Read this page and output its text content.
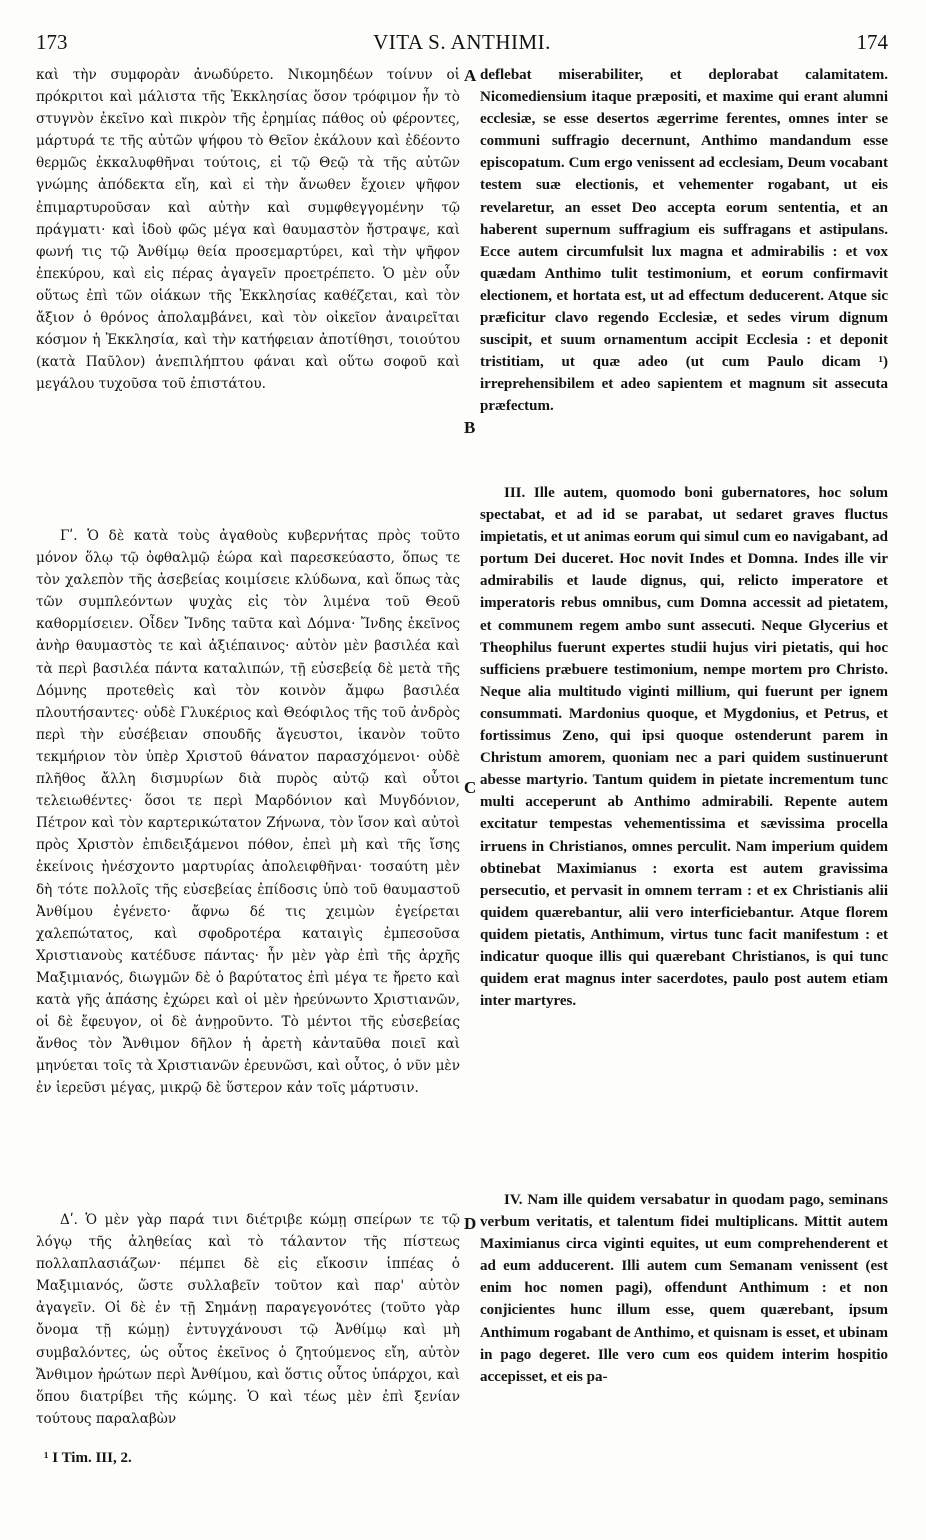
173	VITA S. ANTHIMI.	174

καὶ τὴν συμφορὰν ἀνωδύρετο. Νικομηδέων τοίνυν οἱ πρόκριτοι καὶ μάλιστα τῆς Ἐκκλησίας ὅσον τρόφιμον ἦν τὸ στυγνὸν ἐκεῖνο καὶ πικρὸν τῆς ἐρημίας πάθος οὐ φέροντες, μάρτυρά τε τῆς αὐτῶν ψήφου τὸ Θεῖον ἐκάλουν καὶ ἐδέοντο θερμῶς ἐκκαλυφθῆναι τούτοις, εἰ τῷ Θεῷ τὰ τῆς αὐτῶν γνώμης ἀπόδεκτα εἴη, καὶ εἰ τὴν ἄνωθεν ἔχοιεν ψῆφον ἐπιμαρτυροῦσαν καὶ αὐτὴν καὶ συμφθεγγομένην τῷ πράγματι· καὶ ἰδοὺ φῶς μέγα καὶ θαυμαστὸν ἤστραψε, καὶ φωνή τις τῷ Ἀνθίμῳ θεία προσεμαρτύρει, καὶ τὴν ψῆφον ἐπεκύρου, καὶ εἰς πέρας ἀγαγεῖν προετρέπετο. Ὁ μὲν οὖν οὕτως ἐπὶ τῶν οἰάκων τῆς Ἐκκλησίας καθέζεται, καὶ τὸν ἄξιον ὁ θρόνος ἀπολαμβάνει, καὶ τὸν οἰκεῖον ἀναιρεῖται κόσμον ἡ Ἐκκλησία, καὶ τὴν κατήφειαν ἀποτίθησι, τοιούτου (κατὰ Παῦλον) ἀνεπιλήπτου φάναι καὶ οὕτω σοφοῦ καὶ μεγάλου τυχοῦσα τοῦ ἐπιστάτου.

Γʹ. Ὁ δὲ κατὰ τοὺς ἀγαθοὺς κυβερνήτας πρὸς τοῦτο μόνον ὅλῳ τῷ ὀφθαλμῷ ἑώρα καὶ παρεσκεύαστο, ὅπως τε τὸν χαλεπὸν τῆς ἀσεβείας κοιμίσειε κλύδωνα, καὶ ὅπως τὰς τῶν συμπλεόντων ψυχὰς εἰς τὸν λιμένα τοῦ Θεοῦ καθορμίσειεν. Οἶδεν Ἴνδης ταῦτα καὶ Δόμνα· Ἴνδης ἐκεῖνος ἀνὴρ θαυμαστὸς τε καὶ ἀξιέπαινος· αὐτὸν μὲν βασιλέα καὶ τὰ περὶ βασιλέα πάντα καταλιπών, τῇ εὐσεβείᾳ δὲ μετὰ τῆς Δόμνης προτεθεὶς καὶ τὸν κοινὸν ἄμφω βασιλέα πλουτήσαντες· οὐδὲ Γλυκέριος καὶ Θεόφιλος τῆς τοῦ ἀνδρὸς περὶ τὴν εὐσέβειαν σπουδῆς ἄγευστοι, ἱκανὸν τοῦτο τεκμήριον τὸν ὑπὲρ Χριστοῦ θάνατον παρασχόμενοι· οὐδὲ πλῆθος ἄλλη δισμυρίων διὰ πυρὸς αὐτῷ καὶ οὗτοι τελειωθέντες· ὅσοι τε περὶ Μαρδόνιον καὶ Μυγδόνιον, Πέτρον καὶ τὸν καρτερικώτατον Ζήνωνα, τὸν ἴσον καὶ αὐτοὶ πρὸς Χριστὸν ἐπιδειξάμενοι πόθον, ἐπεὶ μὴ καὶ τῆς ἴσης ἐκείνοις ἠνέσχοντο μαρτυρίας ἀπολειφθῆναι· τοσαύτη μὲν δὴ τότε πολλοῖς τῆς εὐσεβείας ἐπίδοσις ὑπὸ τοῦ θαυμαστοῦ Ἀνθίμου ἐγένετο· ἄφνω δέ τις χειμὼν ἐγείρεται χαλεπώτατος, καὶ σφοδροτέρα καταιγὶς ἐμπεσοῦσα Χριστιανοὺς κατέδυσε πάντας· ἦν μὲν γὰρ ἐπὶ τῆς ἀρχῆς Μαξιμιανός, διωγμῶν δὲ ὁ βαρύτατος ἐπὶ μέγα τε ἤρετο καὶ κατὰ γῆς ἁπάσης ἐχώρει καὶ οἱ μὲν ἠρεύνωντο Χριστιανῶν, οἱ δὲ ἔφευγον, οἱ δὲ ἀνῃροῦντο. Τὸ μέντοι τῆς εὐσεβείας ἄνθος τὸν Ἄνθιμον δῆλον ἡ ἀρετὴ κἀνταῦθα ποιεῖ καὶ μηνύεται τοῖς τὰ Χριστιανῶν ἐρευνῶσι, καὶ οὗτος, ὁ νῦν μὲν ἐν ἱερεῦσι μέγας, μικρῷ δὲ ὕστερον κἀν τοῖς μάρτυσιν.

Δʹ. Ὁ μὲν γὰρ παρά τινι διέτριβε κώμῃ σπείρων τε τῷ λόγῳ τῆς ἀληθείας καὶ τὸ τάλαντον τῆς πίστεως πολλαπλασιάζων· πέμπει δὲ εἰς εἴκοσιν ἱππέας ὁ Μαξιμιανός, ὥστε συλλαβεῖν τοῦτον καὶ παρ' αὐτὸν ἀγαγεῖν. Οἱ δὲ ἐν τῇ Σημάνῃ παραγεγονότες (τοῦτο γὰρ ὄνομα τῇ κώμῃ) ἐντυγχάνουσι τῷ Ἀνθίμῳ καὶ μὴ συμβαλόντες, ὡς οὗτος ἐκεῖνος ὁ ζητούμενος εἴη, αὐτὸν Ἄνθιμον ἠρώτων περὶ Ἀνθίμου, καὶ ὅστις οὗτος ὑπάρχοι, καὶ ὅπου διατρίβει τῆς κώμης. Ὁ καὶ τέως μὲν ἐπὶ ξενίαν τούτους παραλαβὼν

deflebat miserabiliter, et deplorabat calamitatem. Nicomediensium itaque præpositi, et maxime qui erant alumni ecclesiæ, se esse desertos ægerrime ferentes, omnes inter se communi suffragio decernunt, Anthimo mandandum esse episcopatum. Cum ergo venissent ad ecclesiam, Deum vocabant testem suæ electionis, et vehementer rogabant, ut eis revelaretur, an esset Deo accepta eorum sententia, et an haberent supernum suffragium eis suffragans et astipulans. Ecce autem circumfulsit lux magna et admirabilis : et vox quædam Anthimo tulit testimonium, et eorum confirmavit electionem, et hortata est, ut ad effectum deducerent. Atque sic præficitur clavo regendo Ecclesiæ, et sedes virum dignum suscipit, et suum ornamentum accipit Ecclesia : et deponit tristitiam, ut quæ adeo (ut cum Paulo dicam ¹) irreprehensibilem et adeo sapientem et magnum sit assecuta præfectum.

III. Ille autem, quomodo boni gubernatores, hoc solum spectabat, et ad id se parabat, ut sedaret graves fluctus impietatis, et ut animas eorum qui simul cum eo navigabant, ad portum Dei duceret. Hoc novit Indes et Domna. Indes ille vir admirabilis et laude dignus, qui, relicto imperatore et imperatoris rebus omnibus, cum Domna accessit ad pietatem, et communem regem ambo sunt assecuti. Neque Glycerius et Theophilus fuerunt expertes studii hujus viri pietatis, qui hoc sufficiens præbuere testimonium, nempe mortem pro Christo. Neque alia multitudo viginti millium, qui fuerunt per ignem consummati. Mardonius quoque, et Mygdonius, et Petrus, et fortissimus Zeno, qui ipsi quoque ostenderunt parem in Christum amorem, quoniam nec a pari quidem sustinuerunt abesse martyrio. Tantum quidem in pietate incrementum tunc multi acceperunt ab Anthimo admirabili. Repente autem excitatur tempestas vehementissima et sævissima procella irruens in Christianos, omnes perculit. Nam imperium quidem obtinebat Maximianus : exorta est autem gravissima persecutio, et pervasit in omnem terram : et ex Christianis alii quidem quærebantur, alii vero interficiebantur. Atque florem quidem pietatis, Anthimum, virtus tunc facit manifestum : et indicatur quoque illis qui quærebant Christianos, is qui tunc quidem erat magnus inter sacerdotes, paulo post autem etiam inter martyres.

IV. Nam ille quidem versabatur in quodam pago, seminans verbum veritatis, et talentum fidei multiplicans. Mittit autem Maximianus circa viginti equites, ut eum comprehenderent et ad eum adducerent. Illi autem cum Semanam venissent (est enim hoc nomen pagi), offendunt Anthimum : et non conjicientes hunc illum esse, quem quærebant, ipsum Anthimum rogabant de Anthimo, et quisnam is esset, et ubinam in pago degeret. Ille vero cum eos quidem interim hospitio accepisset, et eis pa-

A
B
C
D
¹ I Tim. III, 2.
